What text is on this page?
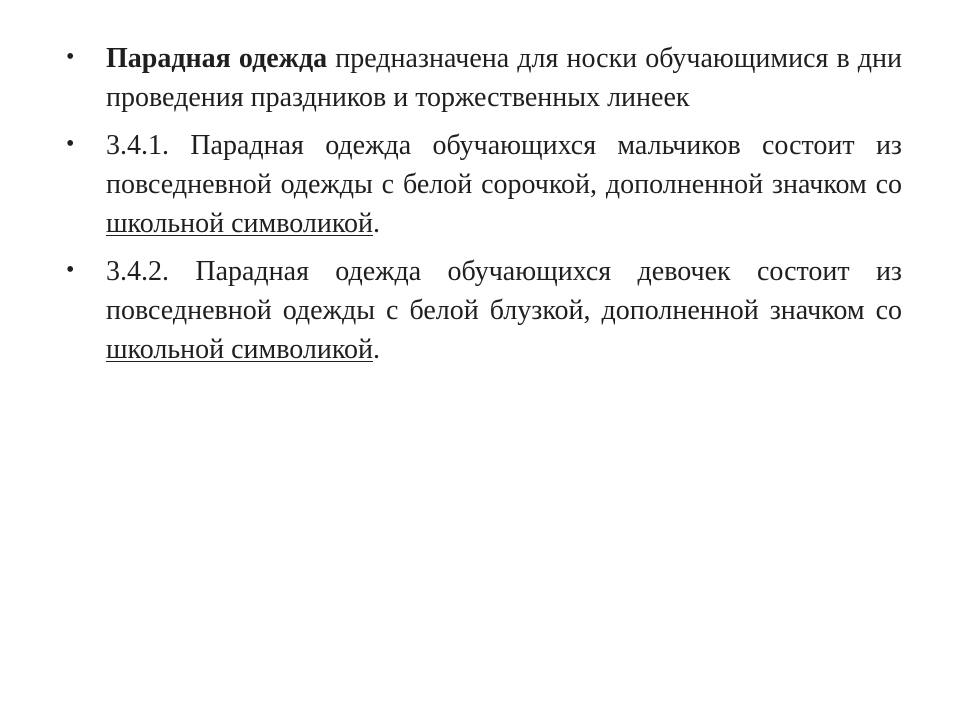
• Парадная одежда предназначена для носки обучающимися в дни проведения праздников и торжественных линеек
• 3.4.1. Парадная одежда обучающихся мальчиков состоит из повседневной одежды с белой сорочкой, дополненной значком со школьной символикой.
• 3.4.2. Парадная одежда обучающихся девочек состоит из повседневной одежды с белой блузкой, дополненной значком со школьной символикой.
